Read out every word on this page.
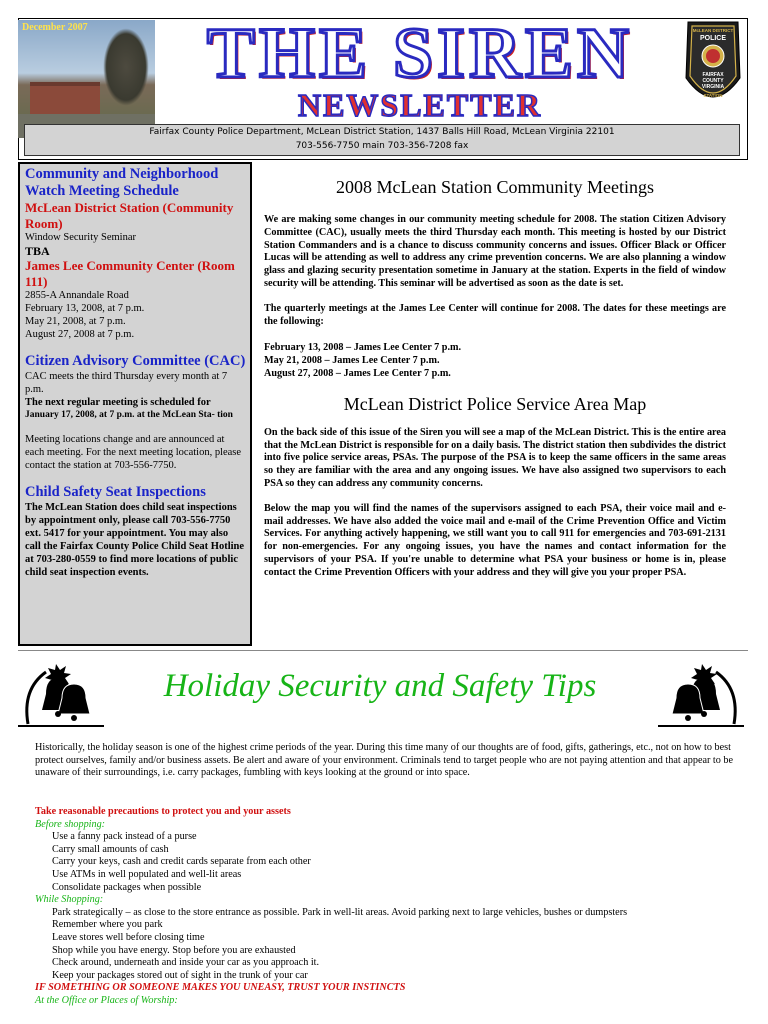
December 2007	THE SIREN
NEWSLETTER
McLEAN DISTRICT
POLICE
FAIRFAX
COUNTY
VIRGINIA
STATION
Fairfax County Police Department, McLean District Station, 1437 Balls Hill Road, McLean Virginia 22101
703-556-7750 main 703-356-7208 fax
Community and Neighborhood Watch Meeting Schedule
McLean District Station (Community Room)
Window Security Seminar
TBA
James Lee Community Center (Room 111)
2855-A Annandale Road
February 13, 2008, at 7 p.m.
May 21, 2008, at 7 p.m.
August 27, 2008 at 7 p.m.
Citizen Advisory Committee (CAC)
CAC meets the third Thursday every month at 7 p.m.
The next regular meeting is scheduled for
January 17, 2008, at 7 p.m. at the McLean Sta- tion
Meeting locations change and are announced at each meeting. For the next meeting location, please contact the station at 703-556-7750.
Child Safety Seat Inspections
The McLean Station does child seat inspections by appointment only, please call 703-556-7750 ext. 5417 for your appointment. You may also call the Fairfax County Police Child Seat Hotline at 703-280-0559 to find more locations of public child seat inspection events.
2008 McLean Station Community Meetings

We are making some changes in our community meeting schedule for 2008. The station Citizen Advisory Committee (CAC), usually meets the third Thursday each month. This meeting is hosted by our District Station Commanders and is a chance to discuss community concerns and issues. Officer Black or Officer Lucas will be attending as well to address any crime prevention concerns. We are also planning a window glass and glazing security presentation sometime in January at the station. Experts in the field of window security will be attending. This seminar will be advertised as soon as the date is set.

The quarterly meetings at the James Lee Center will continue for 2008. The dates for these meetings are the following:

February 13, 2008 – James Lee Center 7 p.m.
May 21, 2008 – James Lee Center 7 p.m.
August 27, 2008 – James Lee Center 7 p.m.
McLean District Police Service Area Map

On the back side of this issue of the Siren you will see a map of the McLean District. This is the entire area that the McLean District is responsible for on a daily basis. The district station then subdivides the district into five police service areas, PSAs. The purpose of the PSA is to keep the same officers in the same areas so they are familiar with the area and any ongoing issues. We have also assigned two supervisors to each PSA so they can address any community concerns.

Below the map you will find the names of the supervisors assigned to each PSA, their voice mail and e-mail addresses. We have also added the voice mail and e-mail of the Crime Prevention Office and Victim Services. For anything actively happening, we still want you to call 911 for emergencies and 703-691-2131 for non-emergencies. For any ongoing issues, you have the names and contact information for the supervisors of your PSA. If you're unable to determine what PSA your business or home is in, please contact the Crime Prevention Officers with your address and they will give you your proper PSA.

Holiday Security and Safety Tips
Historically, the holiday season is one of the highest crime periods of the year. During this time many of our thoughts are of food, gifts, gatherings, etc., not on how to best protect ourselves, family and/or business assets. Be alert and aware of your environment. Criminals tend to target people who are not paying attention and that appear to be unaware of their surroundings, i.e. carry packages, fumbling with keys looking at the ground or into space.
Take reasonable precautions to protect you and your assets
Before shopping:
Use a fanny pack instead of a purse
Carry small amounts of cash
Carry your keys, cash and credit cards separate from each other
Use ATMs in well populated and well-lit areas
Consolidate packages when possible
While Shopping:
Park strategically – as close to the store entrance as possible. Park in well-lit areas. Avoid parking next to large vehicles, bushes or dumpsters
Remember where you park
Leave stores well before closing time
Shop while you have energy. Stop before you are exhausted
Check around, underneath and inside your car as you approach it.
Keep your packages stored out of sight in the trunk of your car
IF SOMETHING OR SOMEONE MAKES YOU UNEASY, TRUST YOUR INSTINCTS
At the Office or Places of Worship:
